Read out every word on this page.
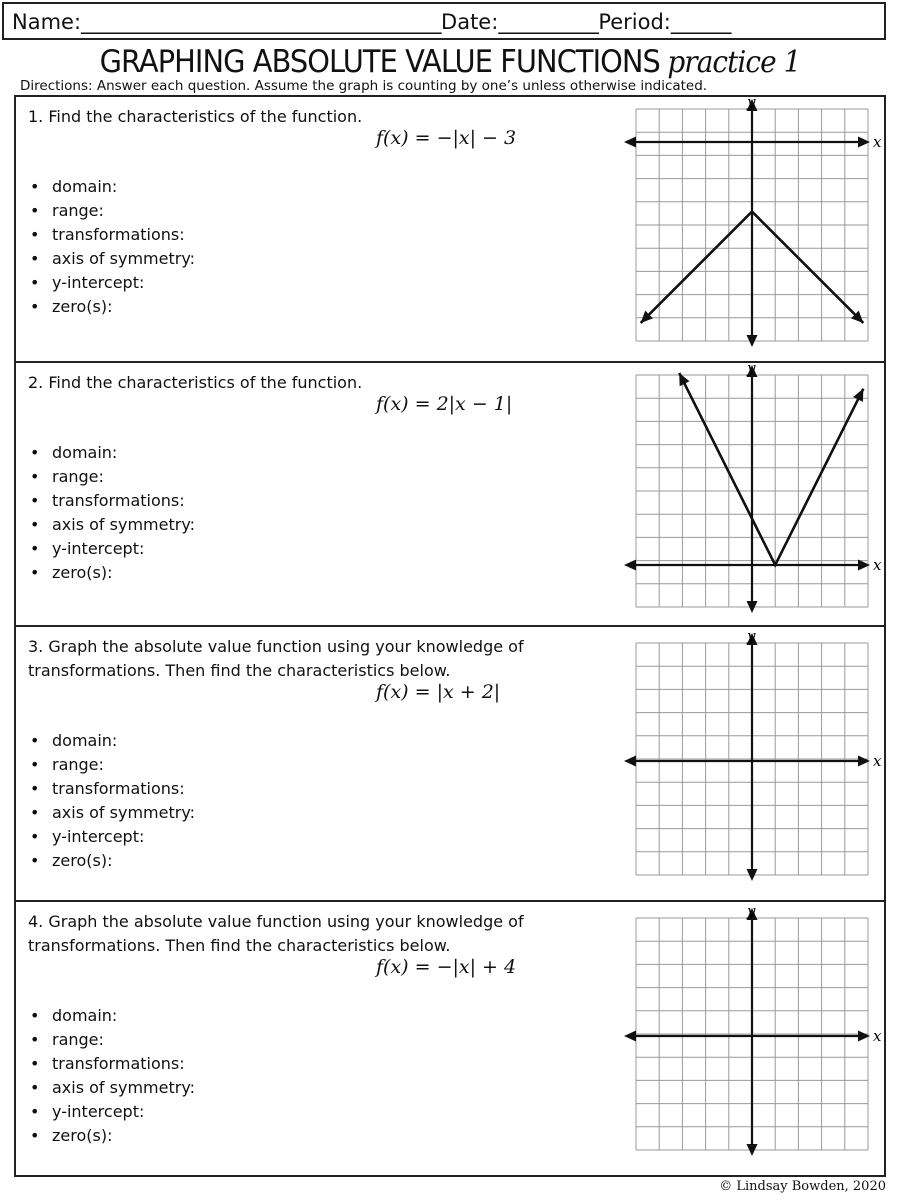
Name:____________________________________Date:__________Period:______
GRAPHING ABSOLUTE VALUE FUNCTIONS practice 1
Directions: Answer each question. Assume the graph is counting by one’s unless otherwise indicated.
1. Find the characteristics of the function.
f(x) = −|x| − 3
• domain:
• range:
• transformations:
• axis of symmetry:
• y-intercept:
• zero(s):
x
y
2. Find the characteristics of the function.
f(x) = 2|x − 1|
• domain:
• range:
• transformations:
• axis of symmetry:
• y-intercept:
• zero(s):	x
y
3. Graph the absolute value function using your knowledge of transformations. Then find the characteristics below.
f(x) = |x + 2|
• domain:
• range:
• transformations:
• axis of symmetry:
• y-intercept:
• zero(s):
x
y
4. Graph the absolute value function using your knowledge of transformations. Then find the characteristics below.
f(x) = −|x| + 4
• domain:
• range:
• transformations:
• axis of symmetry:
• y-intercept:
• zero(s):
x
y
© Lindsay Bowden, 2020
